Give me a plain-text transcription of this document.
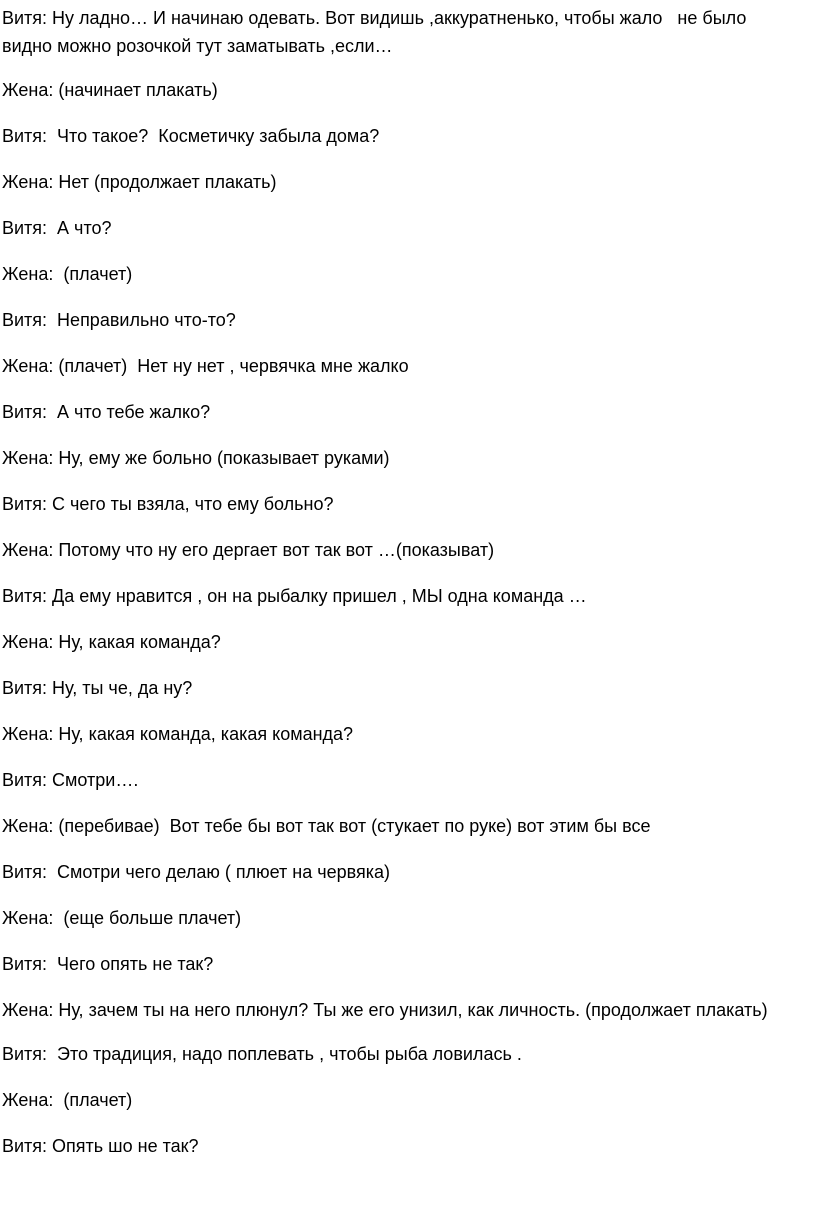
Витя: Ну ладно… И начинаю одевать. Вот видишь ,аккуратненько, чтобы жало   не было видно можно розочкой тут заматывать ,если…

Жена: (начинает плакать)

Витя:  Что такое?  Косметичку забыла дома?

Жена: Нет (продолжает плакать)

Витя:  А что?

Жена:  (плачет)

Витя:  Неправильно что-то?

Жена: (плачет)  Нет ну нет , червячка мне жалко

Витя:  А что тебе жалко?

Жена: Ну, ему же больно (показывает руками)

Витя: С чего ты взяла, что ему больно?

Жена: Потому что ну его дергает вот так вот …(показыват)

Витя: Да ему нравится , он на рыбалку пришел , МЫ одна команда …

Жена: Ну, какая команда?

Витя: Ну, ты че, да ну?

Жена: Ну, какая команда, какая команда?

Витя: Смотри….

Жена: (перебивае)  Вот тебе бы вот так вот (стукает по руке) вот этим бы все

Витя:  Смотри чего делаю ( плюет на червяка)

Жена:  (еще больше плачет)

Витя:  Чего опять не так?

Жена: Ну, зачем ты на него плюнул? Ты же его унизил, как личность. (продолжает плакать)

Витя:  Это традиция, надо поплевать , чтобы рыба ловилась .

Жена:  (плачет)

Витя: Опять шо не так?
